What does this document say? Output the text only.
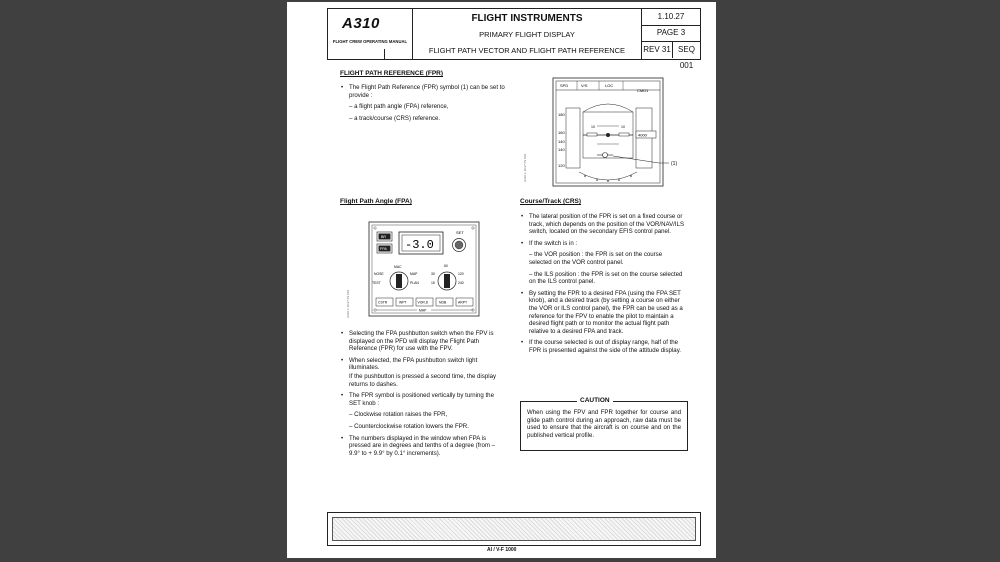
A310
FLIGHT CREW OPERATING MANUAL
FLIGHT INSTRUMENTS
PRIMARY FLIGHT DISPLAY
FLIGHT PATH VECTOR AND FLIGHT PATH REFERENCE
1.10.27
PAGE 3
REV 31 SEQ 001
FLIGHT PATH REFERENCE (FPR)

• The Flight Path Reference (FPR) symbol (1) can be set to provide :

– a flight path angle (FPA) reference,

– a track/course (CRS) reference.

SPD	V/S	LOC
CMD1
180
160
140
140
120
10	10
4000
(1)
A310 1.10.27 P3 001
Flight Path Angle (FPA)
BR
FPA -3.0
SET
MAC
NOSE	MAP
TEST	PLAN
60
30	120
15	240
CSTR	WPT	VOR.D	NDB	ARPT
MAP
A310 1.10.27 P3 001

• Selecting the FPA pushbutton switch when the FPV is displayed on the PFD will display the Flight Path Reference (FPR) for use with the FPV.

• When selected, the FPA pushbutton switch light illuminates.

If the pushbutton is pressed a second time, the display returns to dashes.

• The FPR symbol is positioned vertically by turning the SET knob :

– Clockwise rotation raises the FPR,

– Counterclockwise rotation lowers the FPR.

• The numbers displayed in the window when FPA is pressed are in degrees and tenths of a degree (from – 9.9° to + 9.9° by 0.1° increments).

Course/Track (CRS)

• The lateral position of the FPR is set on a fixed course or track, which depends on the position of the VOR/NAV/ILS switch, located on the secondary EFIS control panel.

• If the switch is in :

– the VOR position : the FPR is set on the course selected on the VOR control panel.

– the ILS position : the FPR is set on the course selected on the ILS control panel.

• By setting the FPR to a desired FPA (using the FPA SET knob), and a desired track (by setting a course on either the VOR or ILS control panel), the FPR can be used as a reference for the FPV to enable the pilot to maintain a desired flight path or to monitor the actual flight path relative to a desired FPA and track.

• If the course selected is out of display range, half of the FPR is presented against the side of the attitude display.

CAUTION
When using the FPV and FPR together for course and glide path control during an approach, raw data must be used to ensure that the aircraft is on course and on the published vertical profile.
AI / V-F 1000
